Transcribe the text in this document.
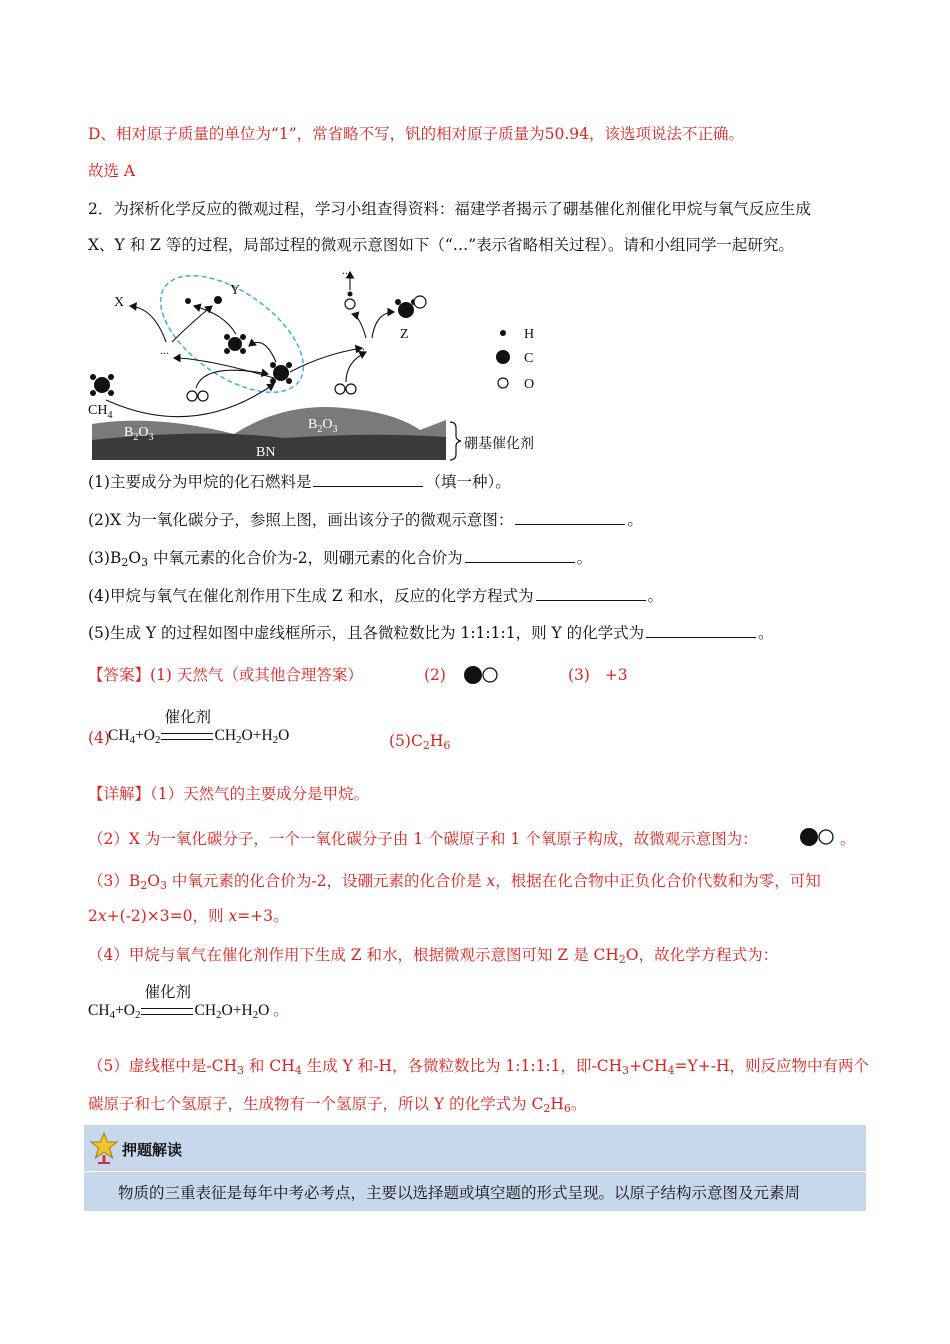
D、相对原子质量的单位为“1”，常省略不写，钒的相对原子质量为50.94，该选项说法不正确。
故选 A
2．为探析化学反应的微观过程，学习小组查得资料：福建学者揭示了硼基催化剂催化甲烷与氧气反应生成
X、Y 和 Z 等的过程，局部过程的微观示意图如下（“…”表示省略相关过程）。请和小组同学一起研究。
$B_2O_3$
$B_2O_3$
BN
硼基催化剂
$CH_4$
Y
X
...	...
...
Z	H
C
O
(1)主要成分为甲烷的化石燃料是	（填一种）。
(2)X 为一氧化碳分子，参照上图，画出该分子的微观示意图：	。
$(3)B_2O_3$ 中氧元素的化合价为-2，则硼元素的化合价为	。
(4)甲烷与氧气在催化剂作用下生成 Z 和水，反应的化学方程式为	。
(5)生成 Y 的过程如图中虚线框所示，且各微粒数比为 1:1:1:1，则 Y 的化学式为	。
【答案】(1) 天然气（或其他合理答案）	(2)	(3) +3
(4)
$CH_4+O_2$
催化剂
$CH_2O+H_2O$	$(5)C_2H_6$
【详解】（1）天然气的主要成分是甲烷。
（2）X 为一氧化碳分子，一个一氧化碳分子由 1 个碳原子和 1 个氧原子构成，故微观示意图为：	。
$(3)B_2O_3$ 中氧元素的化合价为-2，设硼元素的化合价是 x，根据在化合物中正负化合价代数和为零，可知
2x+(-2)×3=0，则 x=+3。
（4）甲烷与氧气在催化剂作用下生成 Z 和水，根据微观示意图可知 Z 是 $CH_2O$，故化学方程式为：
$CH_4+O_2$
催化剂
$CH_2O+H_2O$ 。
（5）虚线框中是$-CH_3$ 和 $CH_4$ 生成 Y 和-H，各微粒数比为 1:1:1:1，即$-CH_3+CH_4=Y+-H$，则反应物中有两个
碳原子和七个氢原子，生成物有一个氢原子，所以 Y 的化学式为 $C_2H_6$。
押题解读
物质的三重表征是每年中考必考点，主要以选择题或填空题的形式呈现。以原子结构示意图及元素周
